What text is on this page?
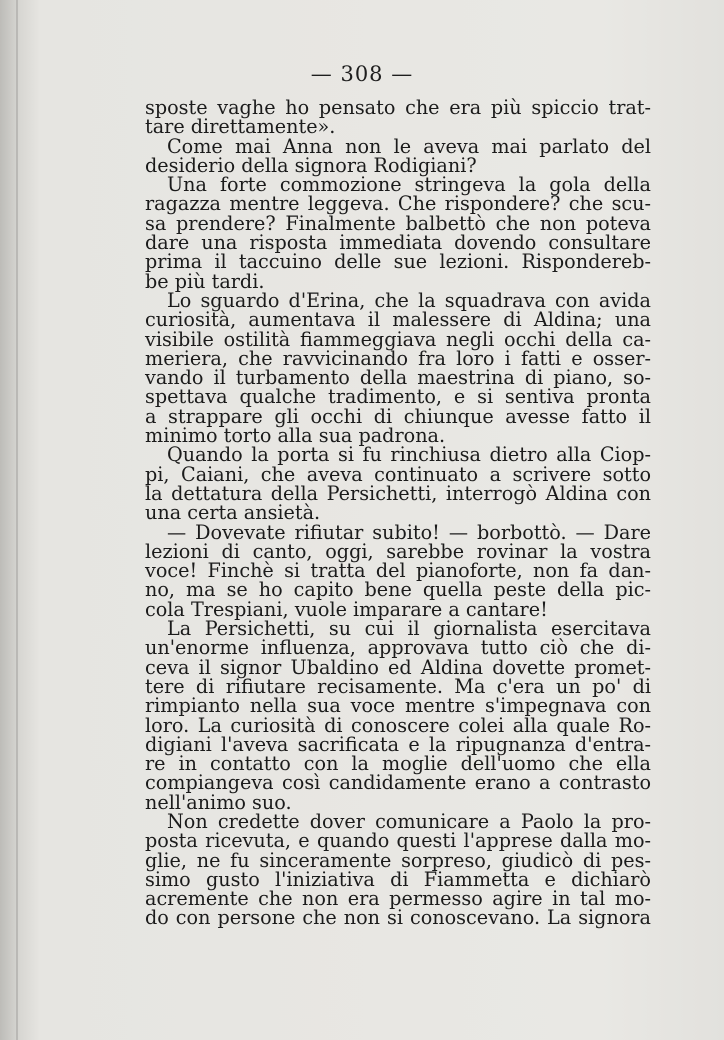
— 308 —
sposte vaghe ho pensato che era più spiccio trat-
tare direttamente».
Come mai Anna non le aveva mai parlato del
desiderio della signora Rodigiani?
Una forte commozione stringeva la gola della
ragazza mentre leggeva. Che rispondere? che scu-
sa prendere? Finalmente balbettò che non poteva
dare una risposta immediata dovendo consultare
prima il taccuino delle sue lezioni. Risponderеb-
be più tardi.
Lo sguardo d'Erina, che la squadrava con avida
curiosità, aumentava il malessere di Aldina; una
visibile ostilità fiammeggiava negli occhi della ca-
meriera, che ravvicinando fra loro i fatti e osser-
vando il turbamento della maestrina di piano, so-
spettava qualche tradimento, e si sentiva pronta
a strappare gli occhi di chiunque avesse fatto il
minimo torto alla sua padrona.
Quando la porta si fu rinchiusa dietro alla Ciop-
pi, Caiani, che aveva continuato a scrivere sotto
la dettatura della Persichetti, interrogò Aldina con
una certa ansietà.
— Dovevate rifiutar subito! — borbottò. — Dare
lezioni di canto, oggi, sarebbe rovinar la vostra
voce! Finchè si tratta del pianoforte, non fa dan-
no, ma se ho capito bene quella peste della pic-
cola Trespiani, vuole imparare a cantare!
La Persichetti, su cui il giornalista esercitava
un'enorme influenza, approvava tutto ciò che di-
ceva il signor Ubaldino ed Aldina dovette promet-
tere di rifiutare recisamente. Ma c'era un po' di
rimpianto nella sua voce mentre s'impegnava con
loro. La curiosità di conoscere colei alla quale Ro-
digiani l'aveva sacrificata e la ripugnanza d'entra-
re in contatto con la moglie dell'uomo che ella
compiangeva così candidamente erano a contrasto
nell'animo suo.
Non credette dover comunicare a Paolo la pro-
posta ricevuta, e quando questi l'apprese dalla mo-
glie, ne fu sinceramente sorpreso, giudicò di pes-
simo gusto l'iniziativa di Fiammetta e dichiarò
acremente che non era permesso agire in tal mo-
do con persone che non si conoscevano. La signora
